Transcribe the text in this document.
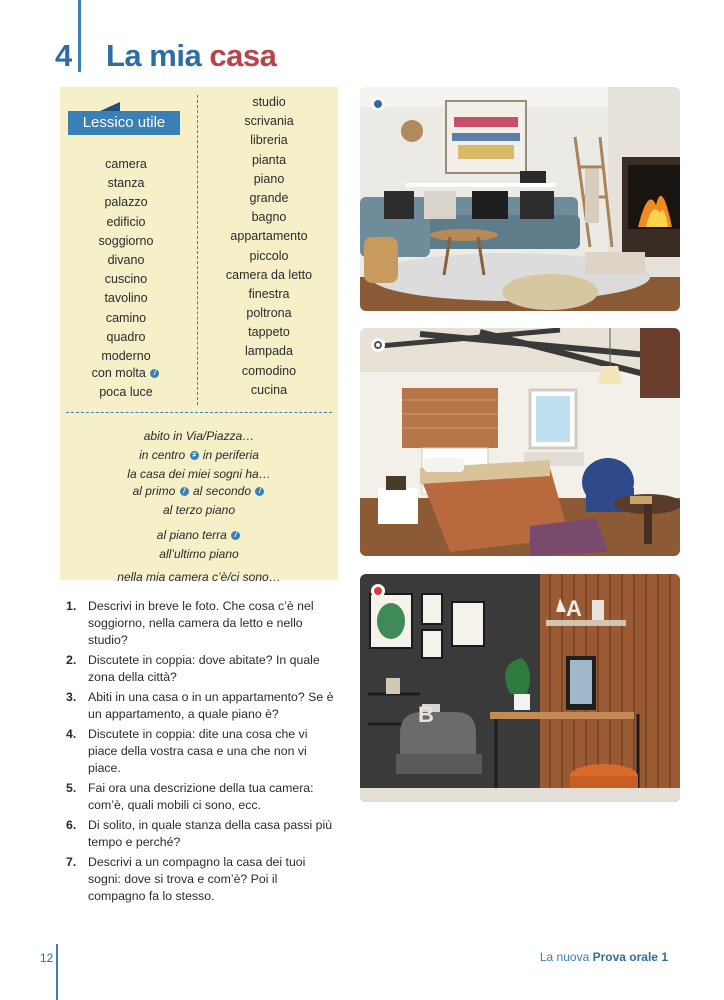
4 La mia casa
Lessico utile
camera
stanza
palazzo
edificio
soggiorno
divano
cuscino
tavolino
camino
quadro
moderno
con molta /
poca luce
studio
scrivania
libreria
pianta
piano
grande
bagno
appartamento
piccolo
camera da letto
finestra
poltrona
tappeto
lampada
comodino
cucina
abito in Via/Piazza…
in centro ≠ in periferia
la casa dei miei sogni ha…
al primo / al secondo /
al terzo piano
al piano terra /
all’ultimo piano
nella mia camera c’è/ci sono…
1. Descrivi in breve le foto. Che cosa c’è nel soggiorno, nella camera da letto e nello studio?
2. Discutete in coppia: dove abitate? In quale zona della città?
3. Abiti in una casa o in un appartamento? Se è un appartamento, a quale piano è?
4. Discutete in coppia: dite una cosa che vi piace della vostra casa e una che non vi piace.
5. Fai ora una descrizione della tua camera: com’è, quali mobili ci sono, ecc.
6. Di solito, in quale stanza della casa passi più tempo e perché?
7. Descrivi a un compagno la casa dei tuoi sogni: dove si trova e com’è? Poi il compagno fa lo stesso.
A
B
12	La nuova Prova orale 1
